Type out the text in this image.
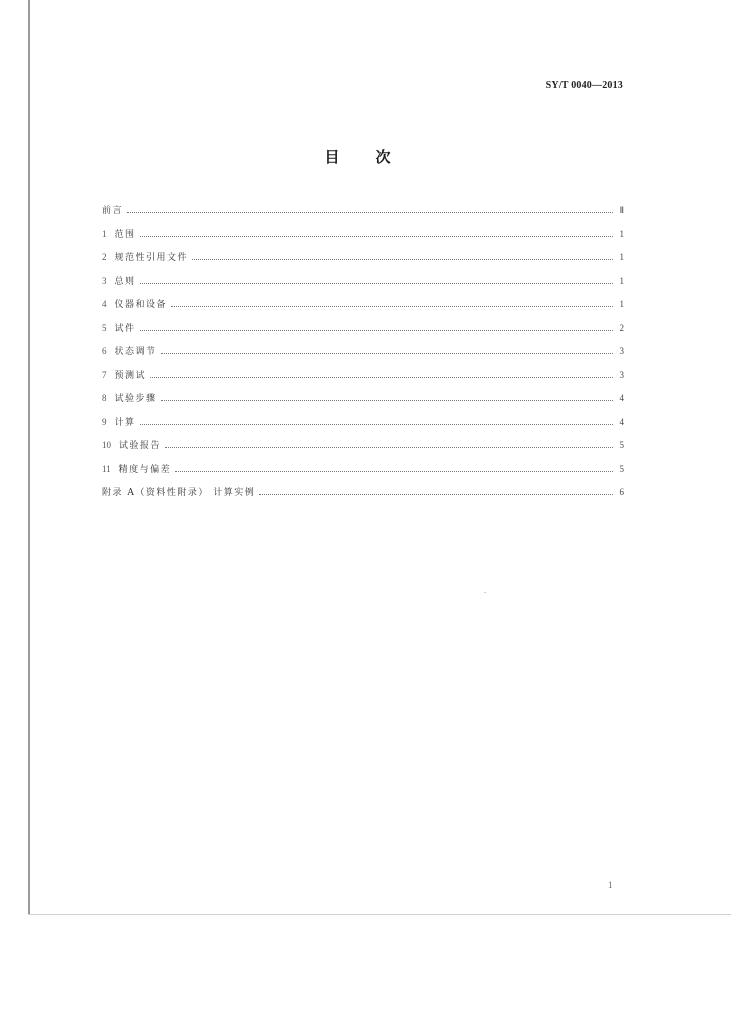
SY/T 0040—2013
目次
前言	Ⅱ
1 范围	1
2 规范性引用文件	1
3 总则	1
4 仪器和设备	1
5 试件	2
6 状态调节	3
7 预测试	3
8 试验步骤	4
9 计算	4
10 试验报告	5
11 精度与偏差	5
附录 A（资料性附录） 计算实例	6
1
